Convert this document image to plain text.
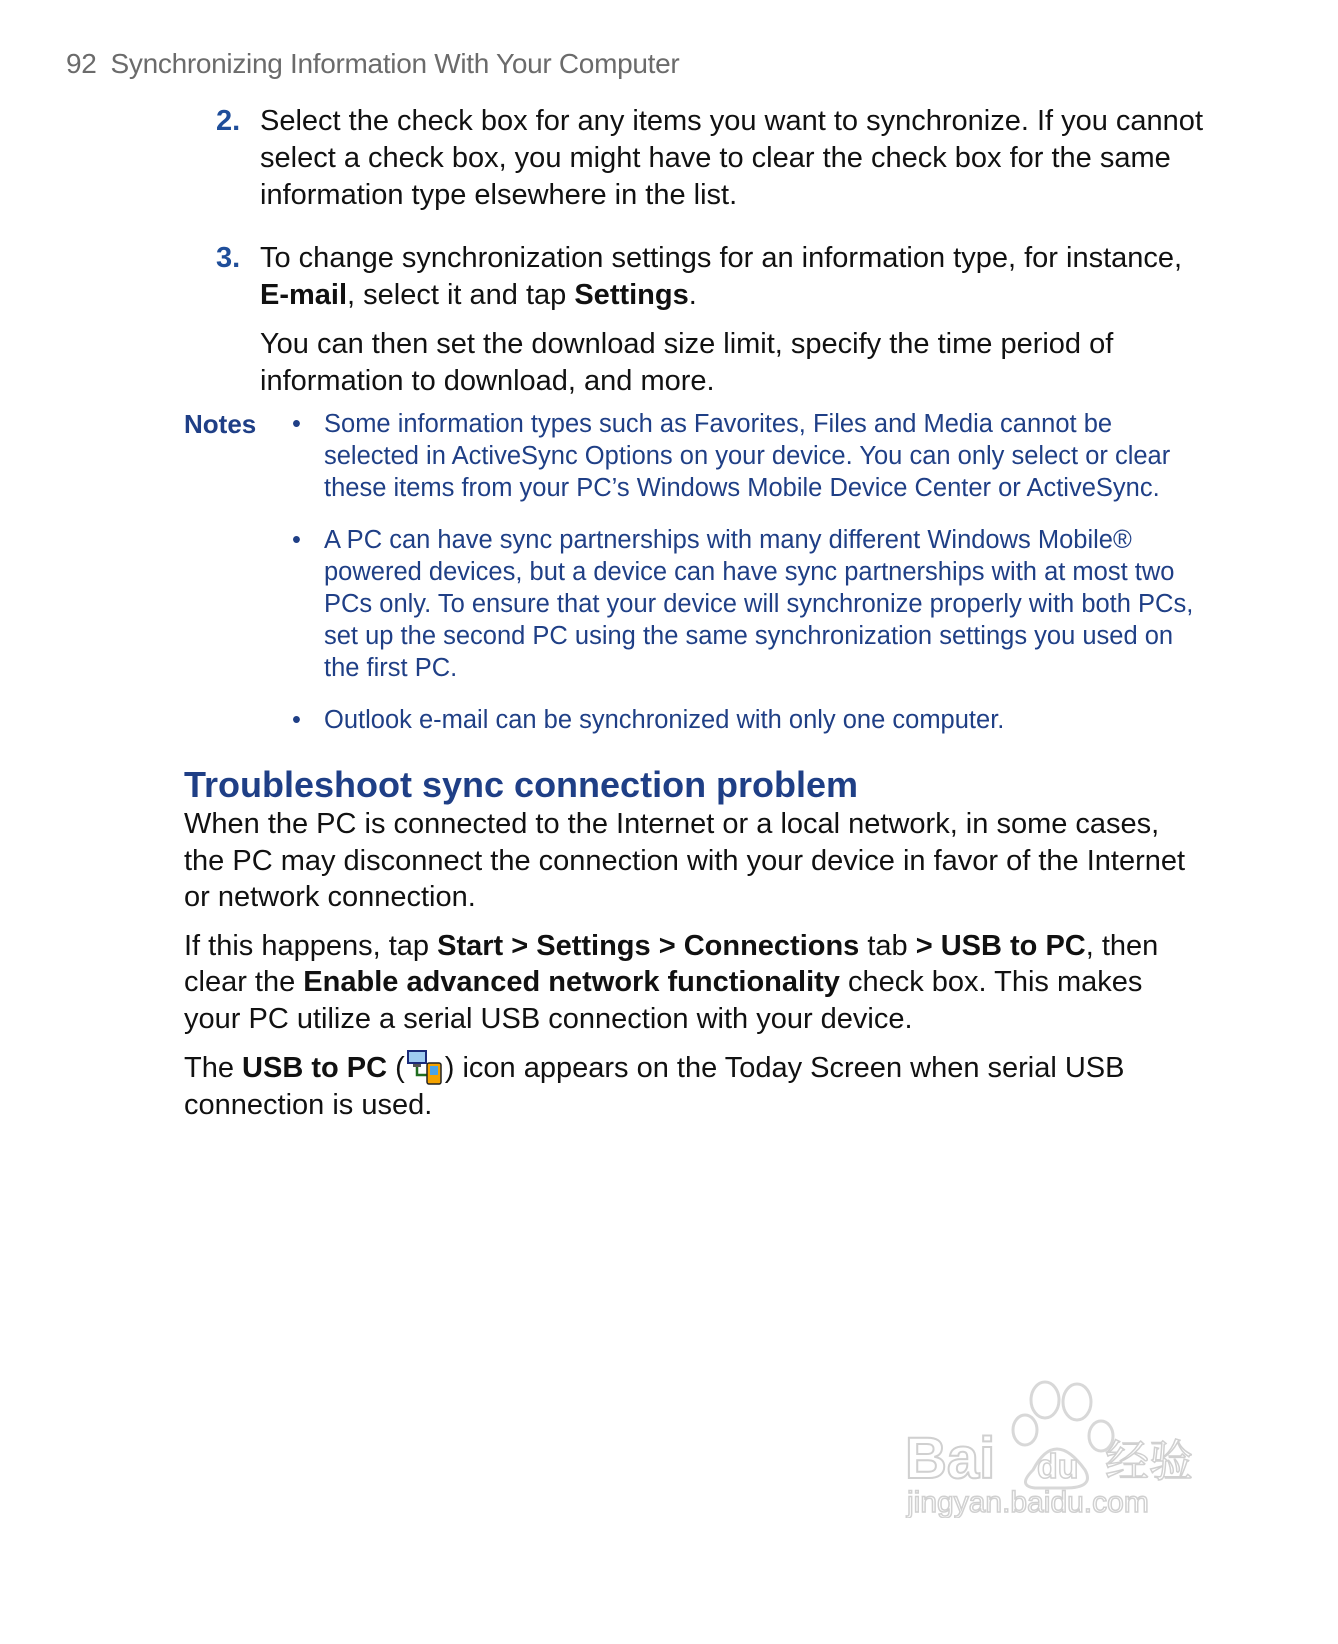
92 Synchronizing Information With Your Computer
2. Select the check box for any items you want to synchronize. If you cannot select a check box, you might have to clear the check box for the same information type elsewhere in the list.

3. To change synchronization settings for an information type, for instance, E-mail, select it and tap Settings.

You can then set the download size limit, specify the time period of information to download, and more.

Notes	• Some information types such as Favorites, Files and Media cannot be selected in ActiveSync Options on your device. You can only select or clear these items from your PC’s Windows Mobile Device Center or ActiveSync.
• A PC can have sync partnerships with many different Windows Mobile® powered devices, but a device can have sync partnerships with at most two PCs only. To ensure that your device will synchronize properly with both PCs, set up the second PC using the same synchronization settings you used on the first PC.
• Outlook e-mail can be synchronized with only one computer.
Troubleshoot sync connection problem

When the PC is connected to the Internet or a local network, in some cases, the PC may disconnect the connection with your device in favor of the Internet or network connection.

If this happens, tap Start > Settings > Connections tab > USB to PC, then clear the Enable advanced network functionality check box. This makes your PC utilize a serial USB connection with your device.

The USB to PC ( ) icon appears on the Today Screen when serial USB connection is used.

Bai du 经验
jingyan.baidu.com
